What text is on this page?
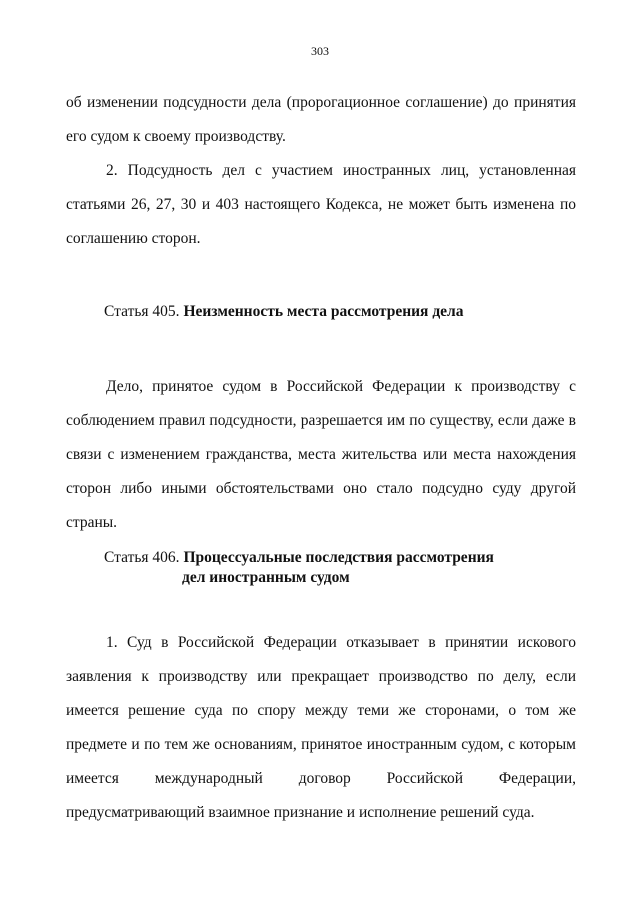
303

об изменении подсудности дела (пророгационное соглашение) до принятия его судом к своему производству.

2. Подсудность дел с участием иностранных лиц, установленная статьями 26, 27, 30 и 403 настоящего Кодекса, не может быть изменена по соглашению сторон.

Статья 405. Неизменность места рассмотрения дела

Дело, принятое судом в Российской Федерации к производству с соблюдением правил подсудности, разрешается им по существу, если даже в связи с изменением гражданства, места жительства или места нахождения сторон либо иными обстоятельствами оно стало подсудно суду другой страны.

Статья 406. Процессуальные последствия рассмотрения
дел иностранным судом

1. Суд в Российской Федерации отказывает в принятии искового заявления к производству или прекращает производство по делу, если имеется решение суда по спору между теми же сторонами, о том же предмете и по тем же основаниям, принятое иностранным судом, с которым имеется международный договор Российской Федерации, предусматривающий взаимное признание и исполнение решений суда.
